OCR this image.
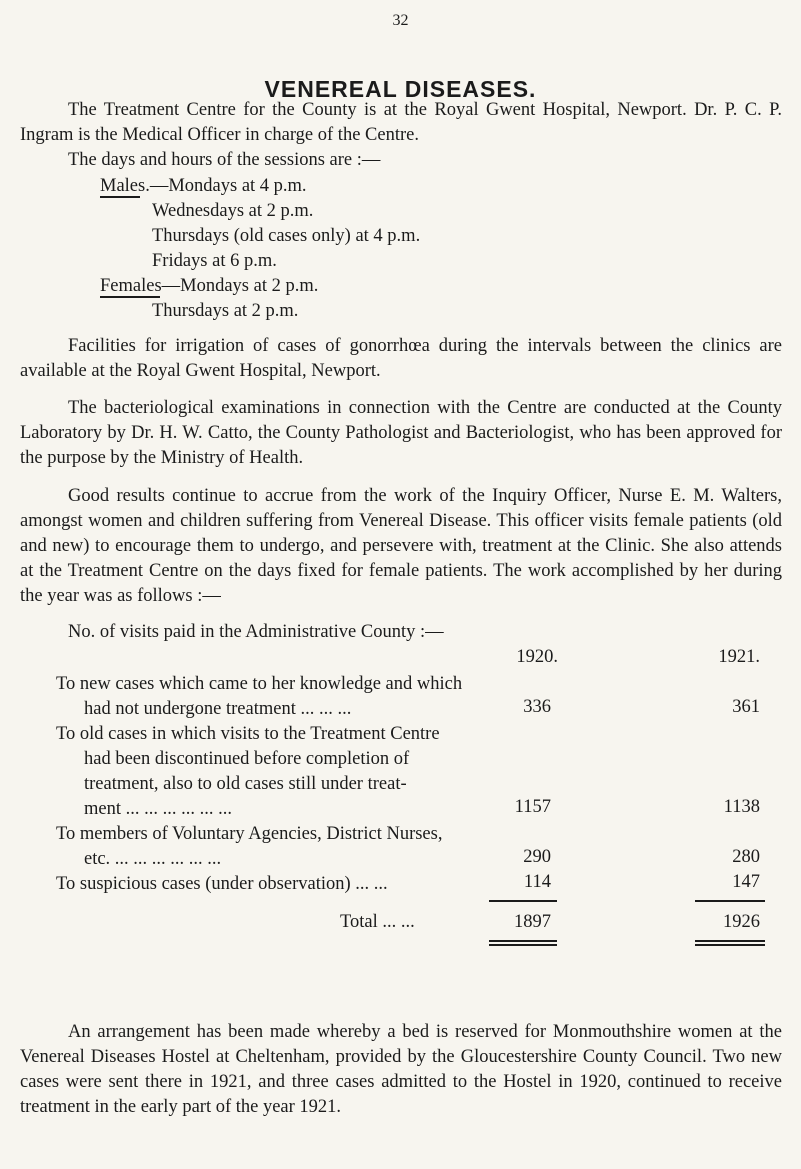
32
VENEREAL DISEASES.
The Treatment Centre for the County is at the Royal Gwent Hospital, Newport. Dr. P. C. P. Ingram is the Medical Officer in charge of the Centre.
The days and hours of the sessions are :—
Males.—Mondays at 4 p.m.
Wednesdays at 2 p.m.
Thursdays (old cases only) at 4 p.m.
Fridays at 6 p.m.
Females—Mondays at 2 p.m.
Thursdays at 2 p.m.
Facilities for irrigation of cases of gonorrhœa during the intervals between the clinics are available at the Royal Gwent Hospital, Newport.
The bacteriological examinations in connection with the Centre are conducted at the County Laboratory by Dr. H. W. Catto, the County Pathologist and Bacteriologist, who has been approved for the purpose by the Ministry of Health.
Good results continue to accrue from the work of the Inquiry Officer, Nurse E. M. Walters, amongst women and children suffering from Venereal Disease. This officer visits female patients (old and new) to encourage them to undergo, and persevere with, treatment at the Clinic. She also attends at the Treatment Centre on the days fixed for female patients. The work accomplished by her during the year was as follows :—
No. of visits paid in the Administrative County :—
1920.	1921.
To new cases which came to her knowledge and which
had not undergone treatment ... ... ...	336	361
To old cases in which visits to the Treatment Centre
had been discontinued before completion of
treatment, also to old cases still under treat-
ment ... ... ... ... ... ...	1157	1138
To members of Voluntary Agencies, District Nurses,
etc. ... ... ... ... ... ...	290	280
To suspicious cases (under observation) ... ...	114	147
Total ... ...	1897	1926
An arrangement has been made whereby a bed is reserved for Monmouthshire women at the Venereal Diseases Hostel at Cheltenham, provided by the Gloucestershire County Council. Two new cases were sent there in 1921, and three cases admitted to the Hostel in 1920, continued to receive treatment in the early part of the year 1921.
